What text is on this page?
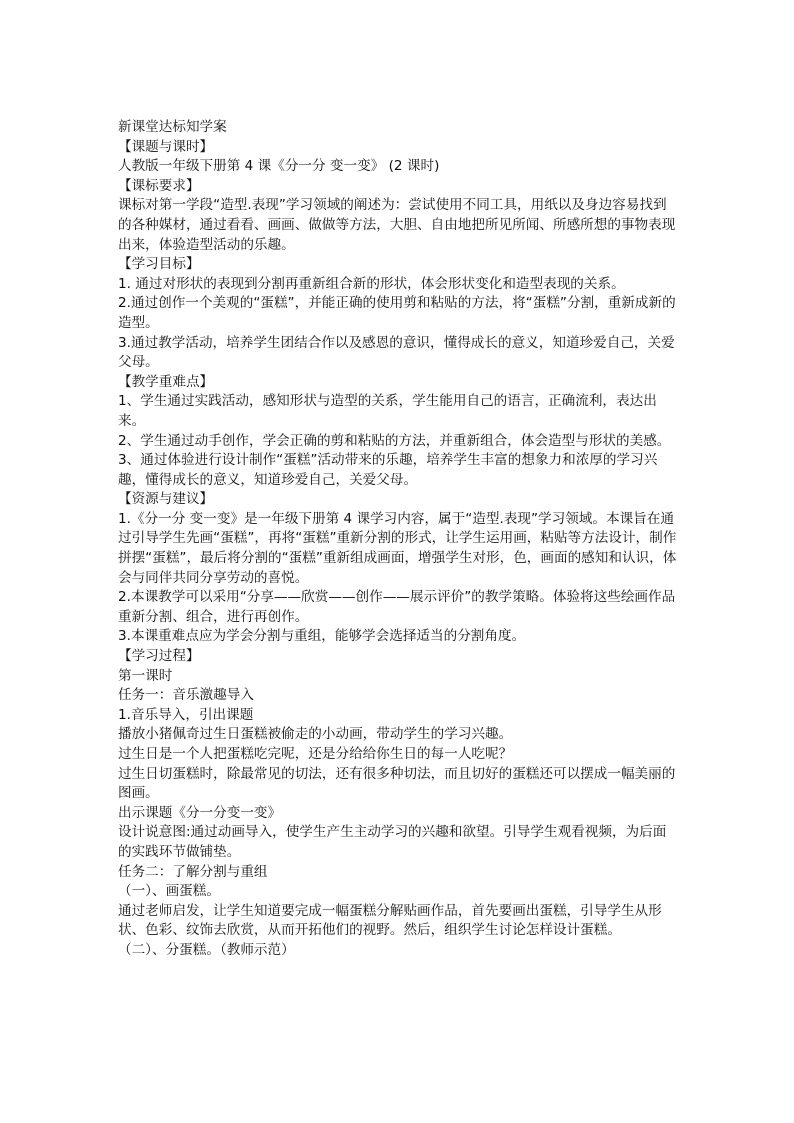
新课堂达标知学案

【课题与课时】

人教版一年级下册第 4 课《分一分 变一变》 (2 课时)

【课标要求】

课标对第一学段“造型.表现”学习领域的阐述为：尝试使用不同工具，用纸以及身边容易找到的各种媒材，通过看看、画画、做做等方法，大胆、自由地把所见所闻、所感所想的事物表现出来，体验造型活动的乐趣。

【学习目标】

1. 通过对形状的表现到分割再重新组合新的形状，体会形状变化和造型表现的关系。

2.通过创作一个美观的“蛋糕”，并能正确的使用剪和粘贴的方法，将“蛋糕”分割，重新成新的造型。

3.通过教学活动，培养学生团结合作以及感恩的意识，懂得成长的意义，知道珍爱自己，关爱父母。

【教学重难点】

1、学生通过实践活动，感知形状与造型的关系，学生能用自己的语言，正确流利，表达出来。

2、学生通过动手创作，学会正确的剪和粘贴的方法，并重新组合，体会造型与形状的美感。

3、通过体验进行设计制作“蛋糕”活动带来的乐趣，培养学生丰富的想象力和浓厚的学习兴趣，懂得成长的意义，知道珍爱自己，关爱父母。

【资源与建议】

1.《分一分 变一变》是一年级下册第 4 课学习内容，属于“造型.表现”学习领域。本课旨在通过引导学生先画“蛋糕”，再将“蛋糕”重新分割的形式，让学生运用画，粘贴等方法设计，制作拼摆“蛋糕”，最后将分割的“蛋糕”重新组成画面，增强学生对形，色，画面的感知和认识，体会与同伴共同分享劳动的喜悦。

2.本课教学可以采用“分享——欣赏——创作——展示评价”的教学策略。体验将这些绘画作品重新分割、组合，进行再创作。

3.本课重难点应为学会分割与重组，能够学会选择适当的分割角度。

【学习过程】

第一课时

任务一：音乐激趣导入

1.音乐导入，引出课题

播放小猪佩奇过生日蛋糕被偷走的小动画，带动学生的学习兴趣。

过生日是一个人把蛋糕吃完呢，还是分给给你生日的每一人吃呢？

过生日切蛋糕时，除最常见的切法，还有很多种切法，而且切好的蛋糕还可以摆成一幅美丽的图画。

出示课题《分一分变一变》

设计说意图:通过动画导入，使学生产生主动学习的兴趣和欲望。引导学生观看视频，为后面的实践环节做铺垫。

任务二：了解分割与重组

（一）、画蛋糕。

通过老师启发，让学生知道要完成一幅蛋糕分解贴画作品，首先要画出蛋糕，引导学生从形状、色彩、纹饰去欣赏，从而开拓他们的视野。然后，组织学生讨论怎样设计蛋糕。

（二）、分蛋糕。（教师示范）
